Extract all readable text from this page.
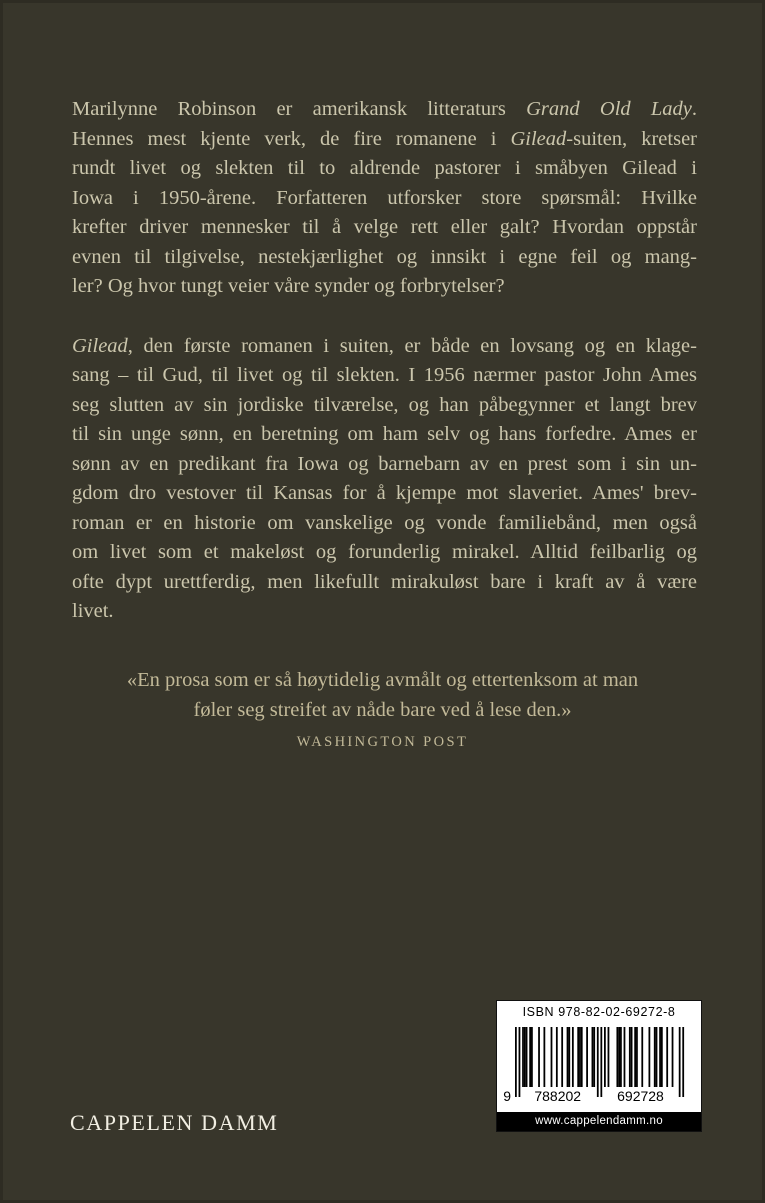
Marilynne Robinson er amerikansk litteraturs Grand Old Lady.
Hennes mest kjente verk, de fire romanene i Gilead-suiten, kretser
rundt livet og slekten til to aldrende pastorer i småbyen Gilead i
Iowa i 1950-årene. Forfatteren utforsker store spørsmål: Hvilke
krefter driver mennesker til å velge rett eller galt? Hvordan oppstår
evnen til tilgivelse, nestekjærlighet og innsikt i egne feil og mang-
ler? Og hvor tungt veier våre synder og forbrytelser?

Gilead, den første romanen i suiten, er både en lovsang og en klage-
sang – til Gud, til livet og til slekten. I 1956 nærmer pastor John Ames
seg slutten av sin jordiske tilværelse, og han påbegynner et langt brev
til sin unge sønn, en beretning om ham selv og hans forfedre. Ames er
sønn av en predikant fra Iowa og barnebarn av en prest som i sin un-
gdom dro vestover til Kansas for å kjempe mot slaveriet. Ames' brev-
roman er en historie om vanskelige og vonde familiebånd, men også
om livet som et makeløst og forunderlig mirakel. Alltid feilbarlig og
ofte dypt urettferdig, men likefullt mirakuløst bare i kraft av å være
livet.

«En prosa som er så høytidelig avmålt og ettertenksom at man

føler seg streifet av nåde bare ved å lese den.»

WASHINGTON POST
CAPPELEN DAMM
ISBN 978-82-02-69272-8
9 788202	692728
www.cappelendamm.no
